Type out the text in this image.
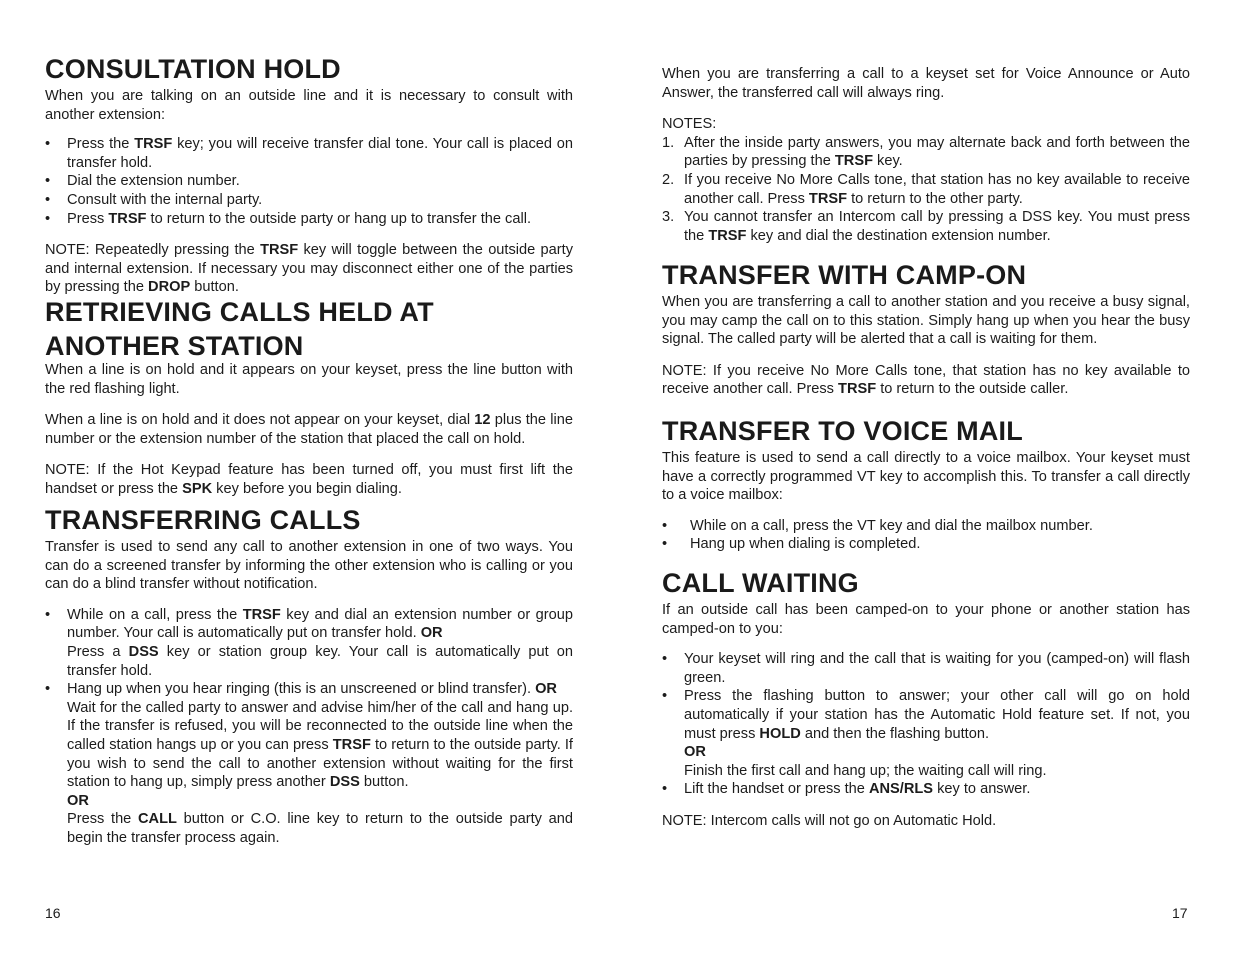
CONSULTATION HOLD

When you are talking on an outside line and it is necessary to consult with another extension:

• Press the TRSF key; you will receive transfer dial tone. Your call is placed on transfer hold.
• Dial the extension number.
• Consult with the internal party.
• Press TRSF to return to the outside party or hang up to transfer the call.

NOTE: Repeatedly pressing the TRSF key will toggle between the outside party and internal extension. If necessary you may disconnect either one of the parties by pressing the DROP button.

RETRIEVING CALLS HELD AT
ANOTHER STATION

When a line is on hold and it appears on your keyset, press the line button with the red flashing light.

When a line is on hold and it does not appear on your keyset, dial 12 plus the line number or the extension number of the station that placed the call on hold.

NOTE: If the Hot Keypad feature has been turned off, you must first lift the handset or press the SPK key before you begin dialing.

TRANSFERRING CALLS

Transfer is used to send any call to another extension in one of two ways. You can do a screened transfer by informing the other extension who is calling or you can do a blind transfer without notification.

• While on a call, press the TRSF key and dial an extension number or group number. Your call is automatically put on transfer hold. OR
Press a DSS key or station group key. Your call is automatically put on transfer hold.
• Hang up when you hear ringing (this is an unscreened or blind transfer). OR
Wait for the called party to answer and advise him/her of the call and hang up. If the transfer is refused, you will be reconnected to the outside line when the called station hangs up or you can press TRSF to return to the outside party. If you wish to send the call to another extension without waiting for the first station to hang up, simply press another DSS button.
OR
Press the CALL button or C.O. line key to return to the outside party and begin the transfer process again.
16

When you are transferring a call to a keyset set for Voice Announce or Auto Answer, the transferred call will always ring.

NOTES:

1. After the inside party answers, you may alternate back and forth between the parties by pressing the TRSF key.
2. If you receive No More Calls tone, that station has no key available to receive another call. Press TRSF to return to the other party.
3. You cannot transfer an Intercom call by pressing a DSS key. You must press the TRSF key and dial the destination extension number.
TRANSFER WITH CAMP-ON

When you are transferring a call to another station and you receive a busy signal, you may camp the call on to this station. Simply hang up when you hear the busy signal. The called party will be alerted that a call is waiting for them.

NOTE: If you receive No More Calls tone, that station has no key available to receive another call. Press TRSF to return to the outside caller.

TRANSFER TO VOICE MAIL

This feature is used to send a call directly to a voice mailbox. Your keyset must have a correctly programmed VT key to accomplish this. To transfer a call directly to a voice mailbox:

• While on a call, press the VT key and dial the mailbox number.
• Hang up when dialing is completed.
CALL WAITING

If an outside call has been camped-on to your phone or another station has camped-on to you:

• Your keyset will ring and the call that is waiting for you (camped-on) will flash green.
• Press the flashing button to answer; your other call will go on hold automatically if your station has the Automatic Hold feature set. If not, you must press HOLD and then the flashing button.
OR
Finish the first call and hang up; the waiting call will ring.
• Lift the handset or press the ANS/RLS key to answer.

NOTE: Intercom calls will not go on Automatic Hold.

17
